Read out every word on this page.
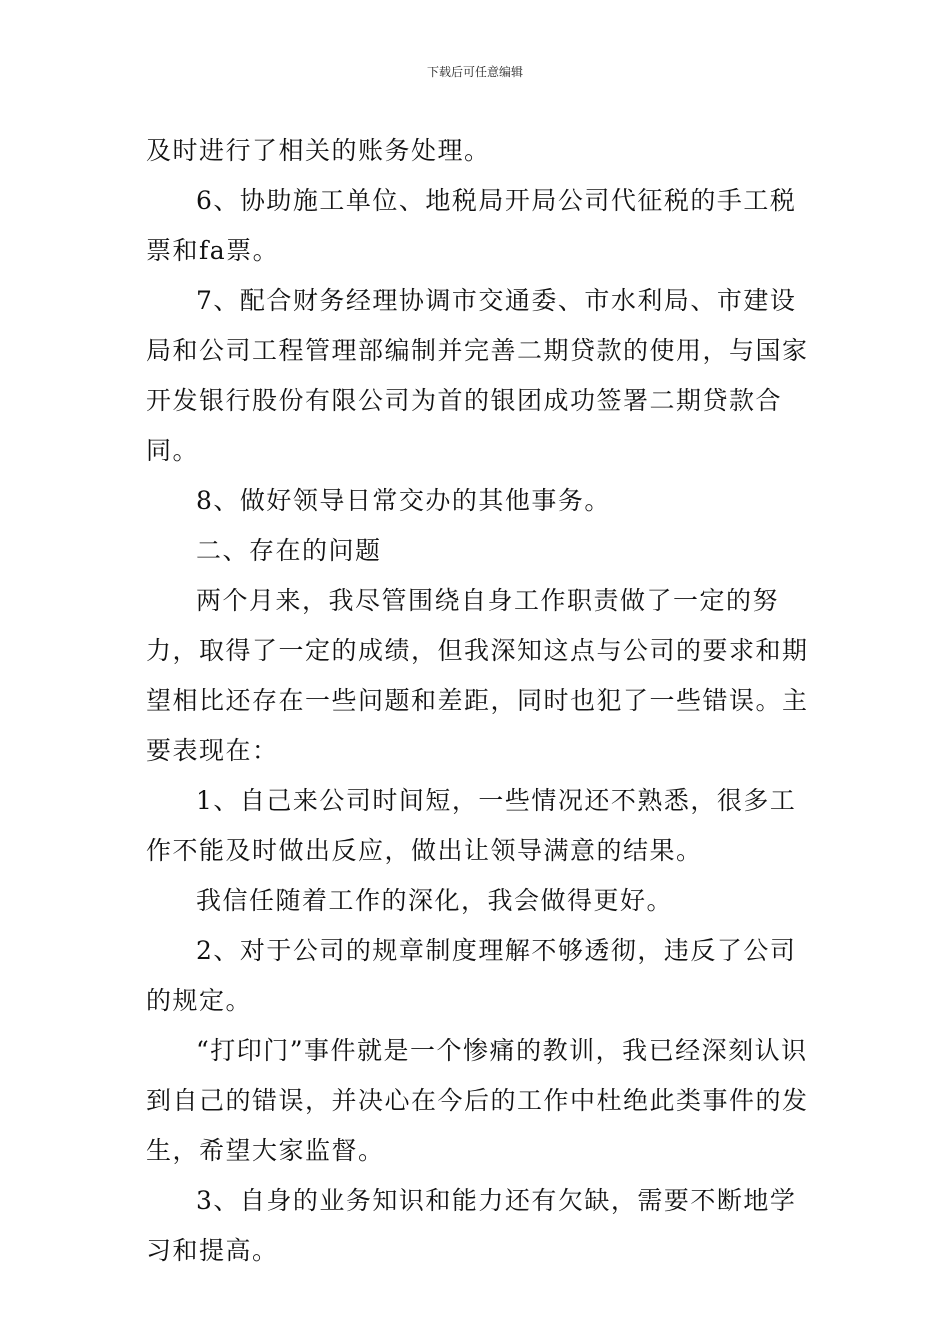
下载后可任意编辑

及时进行了相关的账务处理。

6、协助施工单位、地税局开局公司代征税的手工税票和fa票。

7、配合财务经理协调市交通委、市水利局、市建设局和公司工程管理部编制并完善二期贷款的使用，与国家开发银行股份有限公司为首的银团成功签署二期贷款合同。

8、做好领导日常交办的其他事务。

二、存在的问题

两个月来，我尽管围绕自身工作职责做了一定的努力，取得了一定的成绩，但我深知这点与公司的要求和期望相比还存在一些问题和差距，同时也犯了一些错误。主要表现在：

1、自己来公司时间短，一些情况还不熟悉，很多工作不能及时做出反应，做出让领导满意的结果。

我信任随着工作的深化，我会做得更好。

2、对于公司的规章制度理解不够透彻，违反了公司的规定。

“打印门”事件就是一个惨痛的教训，我已经深刻认识到自己的错误，并决心在今后的工作中杜绝此类事件的发生，希望大家监督。

3、自身的业务知识和能力还有欠缺，需要不断地学习和提高。
